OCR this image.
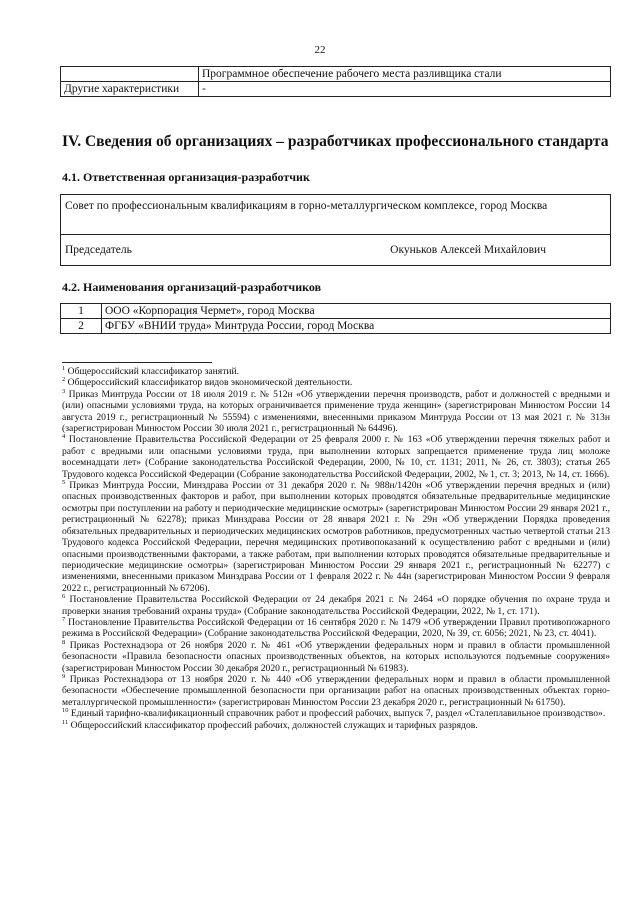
22
	Программное обеспечение рабочего места разливщика стали
Другие характеристики	-
IV. Сведения об организациях – разработчиках профессионального стандарта
4.1. Ответственная организация-разработчик
Совет по профессиональным квалификациям в горно-металлургическом комплексе, город Москва
Председатель	Окуньков Алексей Михайлович
4.2. Наименования организаций-разработчиков
1	ООО «Корпорация Чермет», город Москва
2	ФГБУ «ВНИИ труда» Минтруда России, город Москва

$^1$ Общероссийский классификатор занятий.

$^2$ Общероссийский классификатор видов экономической деятельности.

$^3$ Приказ Минтруда России от 18 июля 2019 г. № 512н «Об утверждении перечня производств, работ и должностей с вредными и (или) опасными условиями труда, на которых ограничивается применение труда женщин» (зарегистрирован Минюстом России 14 августа 2019 г., регистрационный № 55594) с изменениями, внесенными приказом Минтруда России от 13 мая 2021 г. № 313н (зарегистрирован Минюстом России 30 июля 2021 г., регистрационный № 64496).

$^4$ Постановление Правительства Российской Федерации от 25 февраля 2000 г. № 163 «Об утверждении перечня тяжелых работ и работ с вредными или опасными условиями труда, при выполнении которых запрещается применение труда лиц моложе восемнадцати лет» (Собрание законодательства Российской Федерации, 2000, № 10, ст. 1131; 2011, № 26, ст. 3803); статья 265 Трудового кодекса Российской Федерации (Собрание законодательства Российской Федерации, 2002, № 1, ст. 3; 2013, № 14, ст. 1666).

$^5$ Приказ Минтруда России, Минздрава России от 31 декабря 2020 г. № 988н/1420н «Об утверждении перечня вредных и (или) опасных производственных факторов и работ, при выполнении которых проводятся обязательные предварительные медицинские осмотры при поступлении на работу и периодические медицинские осмотры» (зарегистрирован Минюстом России 29 января 2021 г., регистрационный № 62278); приказ Минздрава России от 28 января 2021 г. № 29н «Об утверждении Порядка проведения обязательных предварительных и периодических медицинских осмотров работников, предусмотренных частью четвертой статьи 213 Трудового кодекса Российской Федерации, перечня медицинских противопоказаний к осуществлению работ с вредными и (или) опасными производственными факторами, а также работам, при выполнении которых проводятся обязательные предварительные и периодические медицинские осмотры» (зарегистрирован Минюстом России 29 января 2021 г., регистрационный № 62277) с изменениями, внесенными приказом Минздрава России от 1 февраля 2022 г. № 44н (зарегистрирован Минюстом России 9 февраля 2022 г., регистрационный № 67206).

$^6$ Постановление Правительства Российской Федерации от 24 декабря 2021 г. № 2464 «О порядке обучения по охране труда и проверки знания требований охраны труда» (Собрание законодательства Российской Федерации, 2022, № 1, ст. 171).

$^7$ Постановление Правительства Российской Федерации от 16 сентября 2020 г. № 1479 «Об утверждении Правил противопожарного режима в Российской Федерации» (Собрание законодательства Российской Федерации, 2020, № 39, ст. 6056; 2021, № 23, ст. 4041).

$^8$ Приказ Ростехнадзора от 26 ноября 2020 г. № 461 «Об утверждении федеральных норм и правил в области промышленной безопасности «Правила безопасности опасных производственных объектов, на которых используются подъемные сооружения» (зарегистрирован Минюстом России 30 декабря 2020 г., регистрационный № 61983).

$^9$ Приказ Ростехнадзора от 13 ноября 2020 г. № 440 «Об утверждении федеральных норм и правил в области промышленной безопасности «Обеспечение промышленной безопасности при организации работ на опасных производственных объектах горно-металлургической промышленности» (зарегистрирован Минюстом России 23 декабря 2020 г., регистрационный № 61750).

$^{10}$ Единый тарифно-квалификационный справочник работ и профессий рабочих, выпуск 7, раздел «Сталеплавильное производство».

$^{11}$ Общероссийский классификатор профессий рабочих, должностей служащих и тарифных разрядов.
